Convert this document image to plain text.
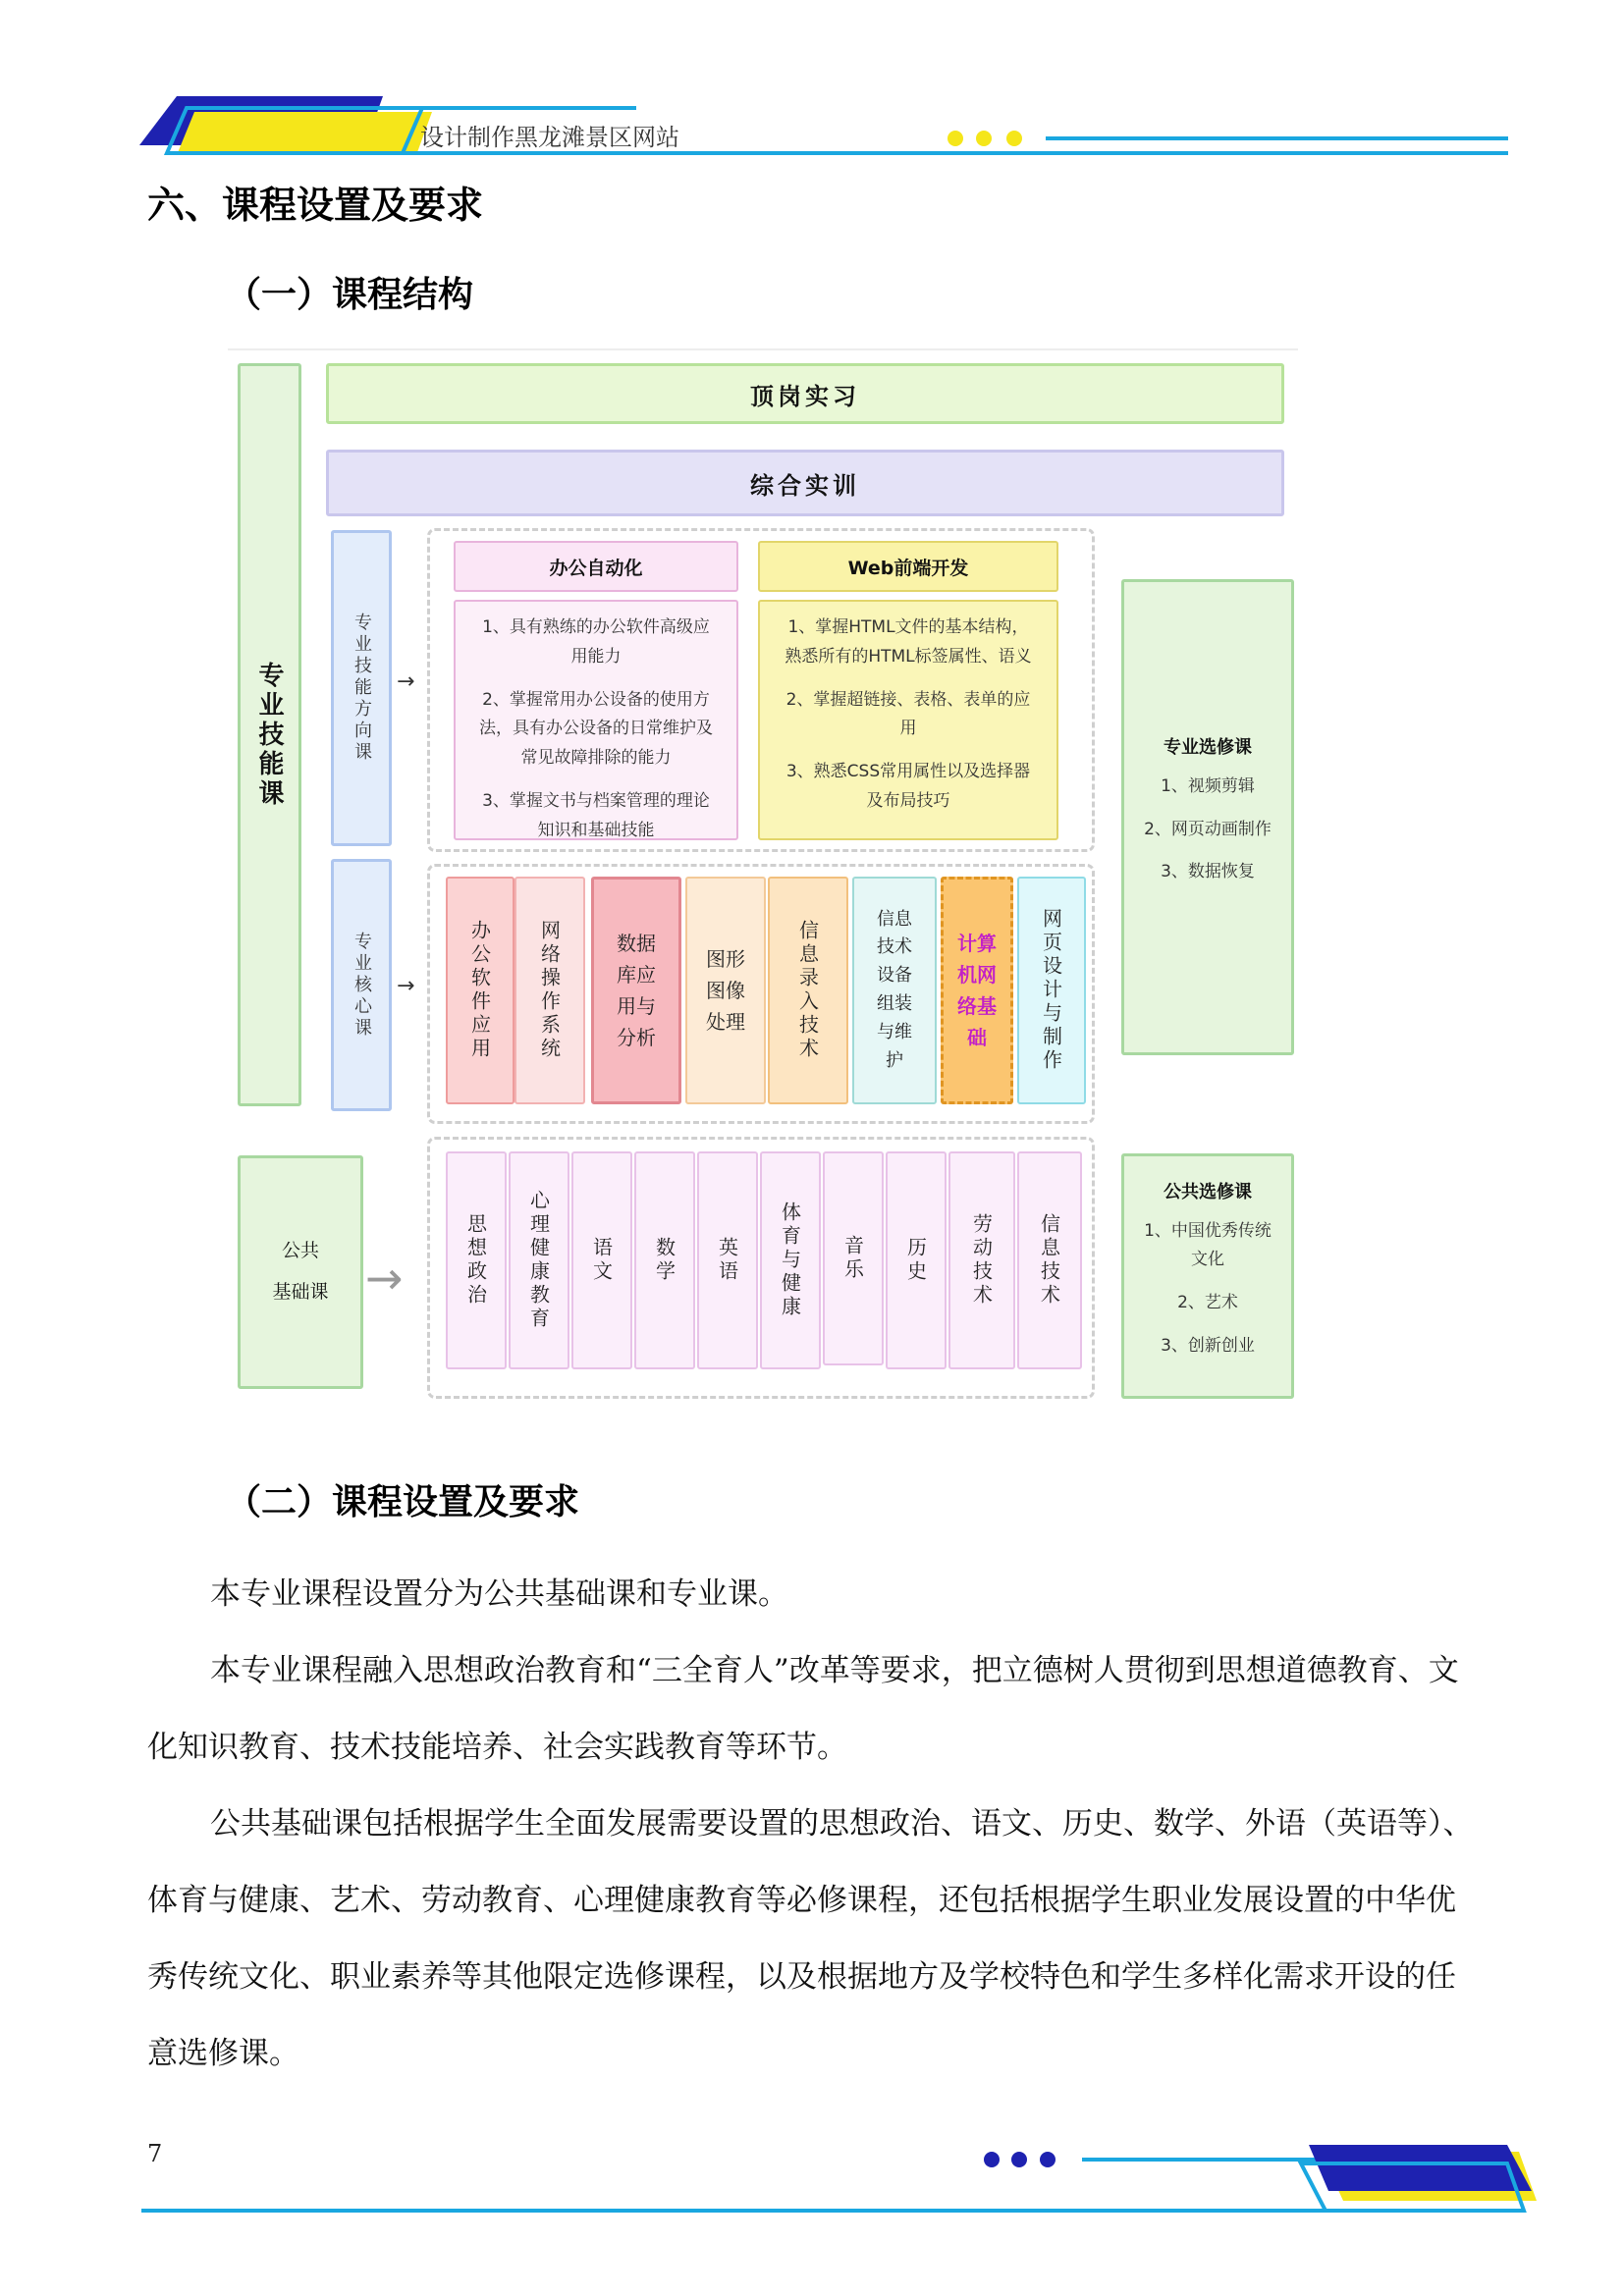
设计制作黑龙滩景区网站
六、课程设置及要求
（一）课程结构
专业技能课
顶岗实习
综合实训
专业技能方向课 →
办公自动化
1、具有熟练的办公软件高级应用能力
2、掌握常用办公设备的使用方法，具有办公设备的日常维护及常见故障排除的能力
3、掌握文书与档案管理的理论知识和基础技能
Web前端开发
1、掌握HTML文件的基本结构，熟悉所有的HTML标签属性、语义
2、掌握超链接、表格、表单的应用
3、熟悉CSS常用属性以及选择器及布局技巧
专业核心课 →	办公软件应用 网络操作系统	数据库应用与分析
图形图像处理	信息录入技术
信息技术设备组装与维护
计算机网络基础	网页设计与制作
专业选修课
1、视频剪辑
2、网页动画制作
3、数据恢复
公共
基础课 →	思想政治 心理健康教育 语文 数学 英语 体育与健康 音乐 历史 劳动技术 信息技术
公共选修课
1、中国优秀传统文化
2、艺术
3、创新创业
（二）课程设置及要求

本专业课程设置分为公共基础课和专业课。

本专业课程融入思想政治教育和“三全育人”改革等要求，把立德树人贯彻到思想道德教育、文化知识教育、技术技能培养、社会实践教育等环节。

公共基础课包括根据学生全面发展需要设置的思想政治、语文、历史、数学、外语（英语等）、体育与健康、艺术、劳动教育、心理健康教育等必修课程，还包括根据学生职业发展设置的中华优秀传统文化、职业素养等其他限定选修课程，以及根据地方及学校特色和学生多样化需求开设的任意选修课。

7
